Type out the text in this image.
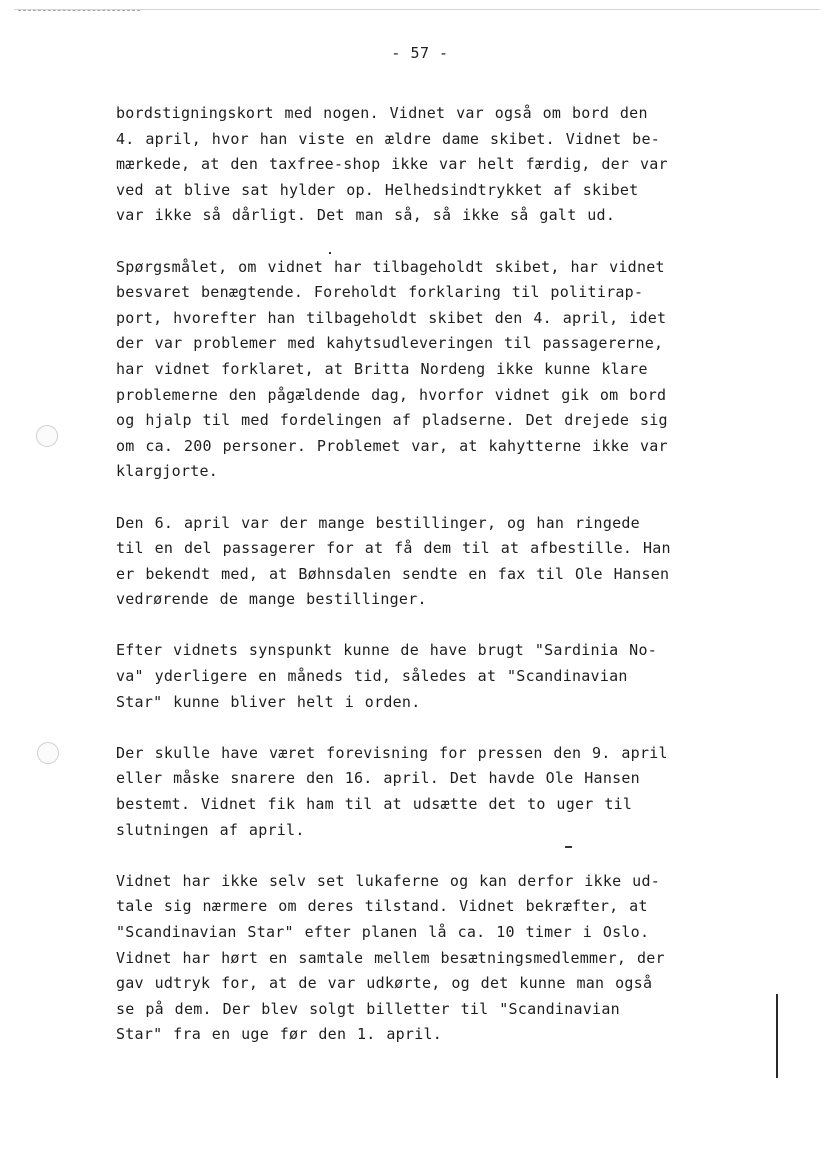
- 57 -

bordstigningskort med nogen. Vidnet var også om bord den
4. april, hvor han viste en ældre dame skibet. Vidnet be-
mærkede, at den taxfree-shop ikke var helt færdig, der var
ved at blive sat hylder op. Helhedsindtrykket af skibet
var ikke så dårligt. Det man så, så ikke så galt ud.

Spørgsmålet, om vidnet har tilbageholdt skibet, har vidnet
besvaret benægtende. Foreholdt forklaring til politirap-
port, hvorefter han tilbageholdt skibet den 4. april, idet
der var problemer med kahytsudleveringen til passagererne,
har vidnet forklaret, at Britta Nordeng ikke kunne klare
problemerne den pågældende dag, hvorfor vidnet gik om bord
og hjalp til med fordelingen af pladserne. Det drejede sig
om ca. 200 personer. Problemet var, at kahytterne ikke var
klargjorte.

Den 6. april var der mange bestillinger, og han ringede
til en del passagerer for at få dem til at afbestille. Han
er bekendt med, at Bøhnsdalen sendte en fax til Ole Hansen
vedrørende de mange bestillinger.

Efter vidnets synspunkt kunne de have brugt "Sardinia No-
va" yderligere en måneds tid, således at "Scandinavian
Star" kunne bliver helt i orden.

Der skulle have været forevisning for pressen den 9. april
eller måske snarere den 16. april. Det havde Ole Hansen
bestemt. Vidnet fik ham til at udsætte det to uger til
slutningen af april.

Vidnet har ikke selv set lukaferne og kan derfor ikke ud-
tale sig nærmere om deres tilstand. Vidnet bekræfter, at
"Scandinavian Star" efter planen lå ca. 10 timer i Oslo.
Vidnet har hørt en samtale mellem besætningsmedlemmer, der
gav udtryk for, at de var udkørte, og det kunne man også
se på dem. Der blev solgt billetter til "Scandinavian
Star" fra en uge før den 1. april.
